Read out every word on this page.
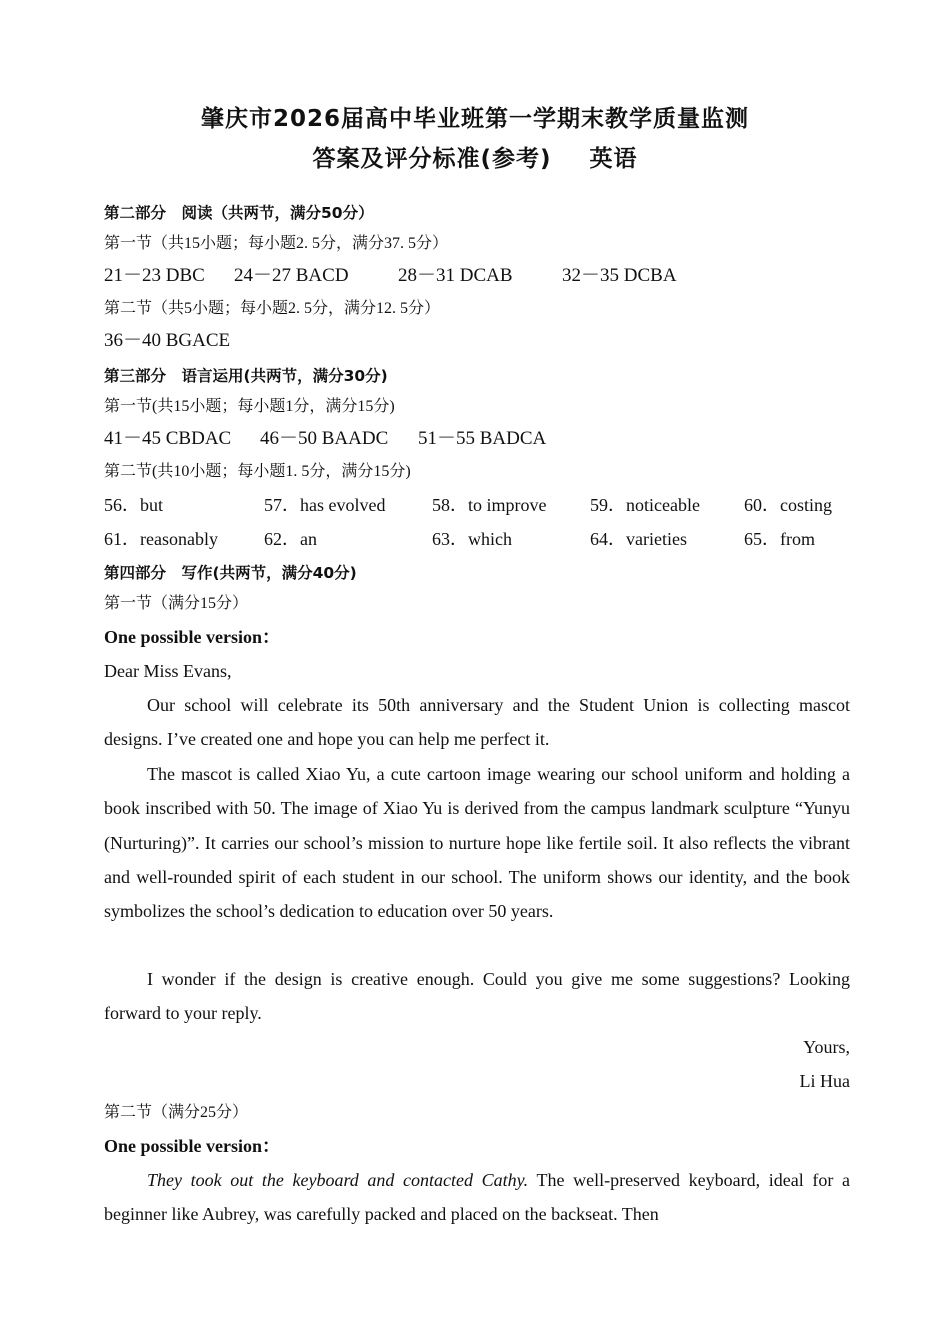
肇庆市2026届高中毕业班第一学期末教学质量监测
答案及评分标准(参考) 英语
第二部分　阅读（共两节，满分50分）
第一节（共15小题；每小题2. 5分，满分37. 5分）
21－23 DBC 24－27 BACD	28－31 DCAB	32－35 DCBA
第二节（共5小题；每小题2. 5分，满分12. 5分）
36－40 BGACE
第三部分　语言运用(共两节，满分30分)
第一节(共15小题；每小题1分，满分15分)
41－45 CBDAC 46－50 BAADC 51－55 BADCA
第二节(共10小题；每小题1. 5分，满分15分)
56．but	57．has evolved	58．to improve 59．noticeable 60．costing
61．reasonably	62．an	63．which	64．varieties	65．from
第四部分　写作(共两节，满分40分)
第一节（满分15分）
One possible version：
Dear Miss Evans,
Our school will celebrate its 50th anniversary and the Student Union is collecting mascot designs. I’ve created one and hope you can help me perfect it.
The mascot is called Xiao Yu, a cute cartoon image wearing our school uniform and holding a book inscribed with 50. The image of Xiao Yu is derived from the campus landmark sculpture “Yunyu (Nurturing)”. It carries our school’s mission to nurture hope like fertile soil. It also reflects the vibrant and well-rounded spirit of each student in our school. The uniform shows our identity, and the book symbolizes the school’s dedication to education over 50 years.
I wonder if the design is creative enough. Could you give me some suggestions? Looking forward to your reply.
Yours,
Li Hua
第二节（满分25分）
One possible version：
They took out the keyboard and contacted Cathy. The well-preserved keyboard, ideal for a beginner like Aubrey, was carefully packed and placed on the backseat. Then
